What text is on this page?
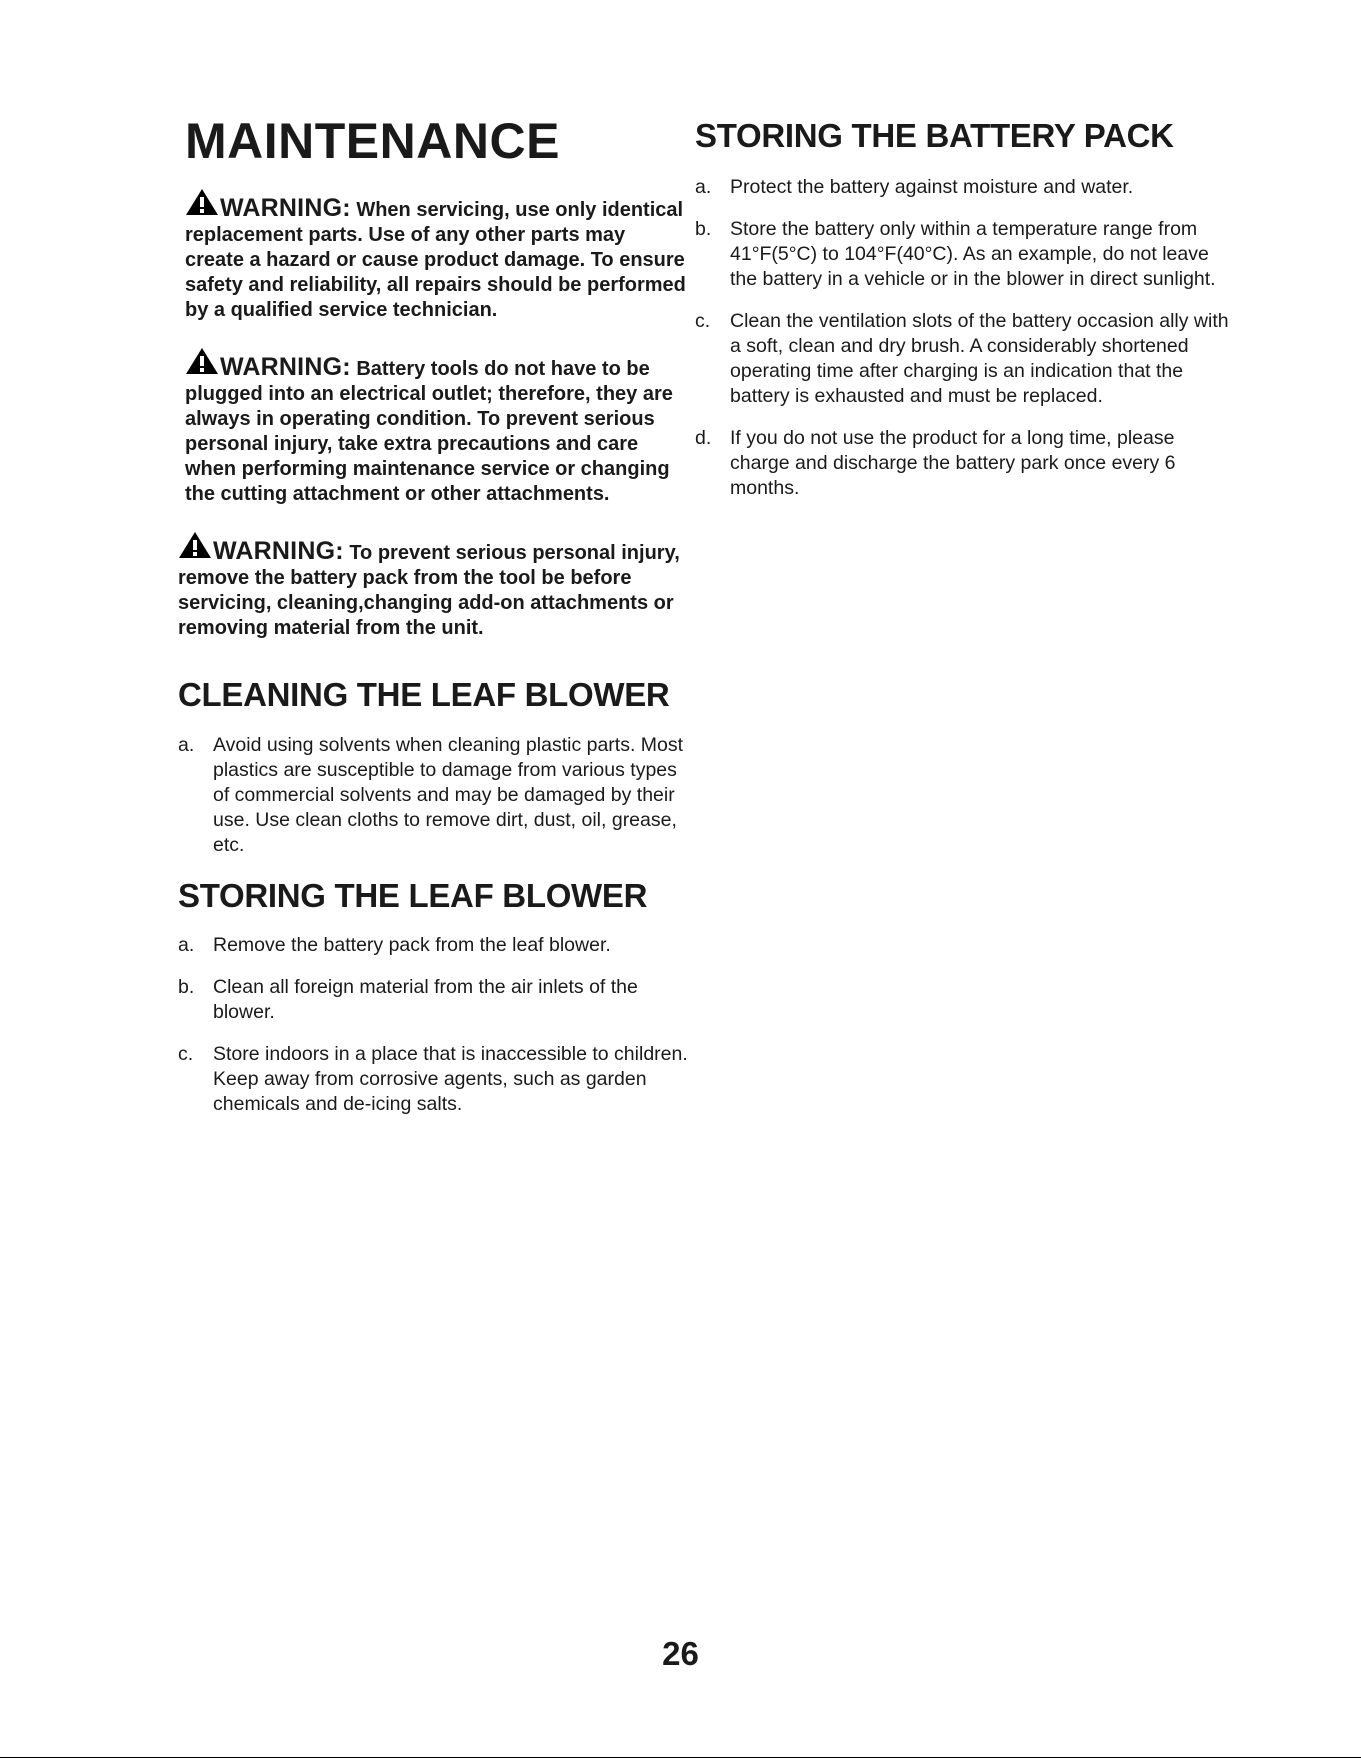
MAINTENANCE

WARNING: When servicing, use only identical replacement parts. Use of any other parts may create a hazard or cause product damage. To ensure safety and reliability, all repairs should be performed by a qualified service technician.

WARNING: Battery tools do not have to be plugged into an electrical outlet; therefore, they are always in operating condition. To prevent serious personal injury, take extra precautions and care when performing maintenance service or changing the cutting attachment or other attachments.

WARNING: To prevent serious personal injury, remove the battery pack from the tool be before servicing, cleaning,changing add-on attachments or removing material from the unit.

CLEANING THE LEAF BLOWER
a. Avoid using solvents when cleaning plastic parts. Most plastics are susceptible to damage from various types of commercial solvents and may be damaged by their use. Use clean cloths to remove dirt, dust, oil, grease, etc.
STORING THE LEAF BLOWER
a. Remove the battery pack from the leaf blower.
b. Clean all foreign material from the air inlets of the blower.
c. Store indoors in a place that is inaccessible to children. Keep away from corrosive agents, such as garden chemicals and de-icing salts.
STORING THE BATTERY PACK
a. Protect the battery against moisture and water.
b. Store the battery only within a temperature range from 41°F(5°C) to 104°F(40°C). As an example, do not leave the battery in a vehicle or in the blower in direct sunlight.
c. Clean the ventilation slots of the battery occasion ally with a soft, clean and dry brush. A considerably shortened operating time after charging is an indication that the battery is exhausted and must be replaced.
d. If you do not use the product for a long time, please charge and discharge the battery park once every 6 months.
26
